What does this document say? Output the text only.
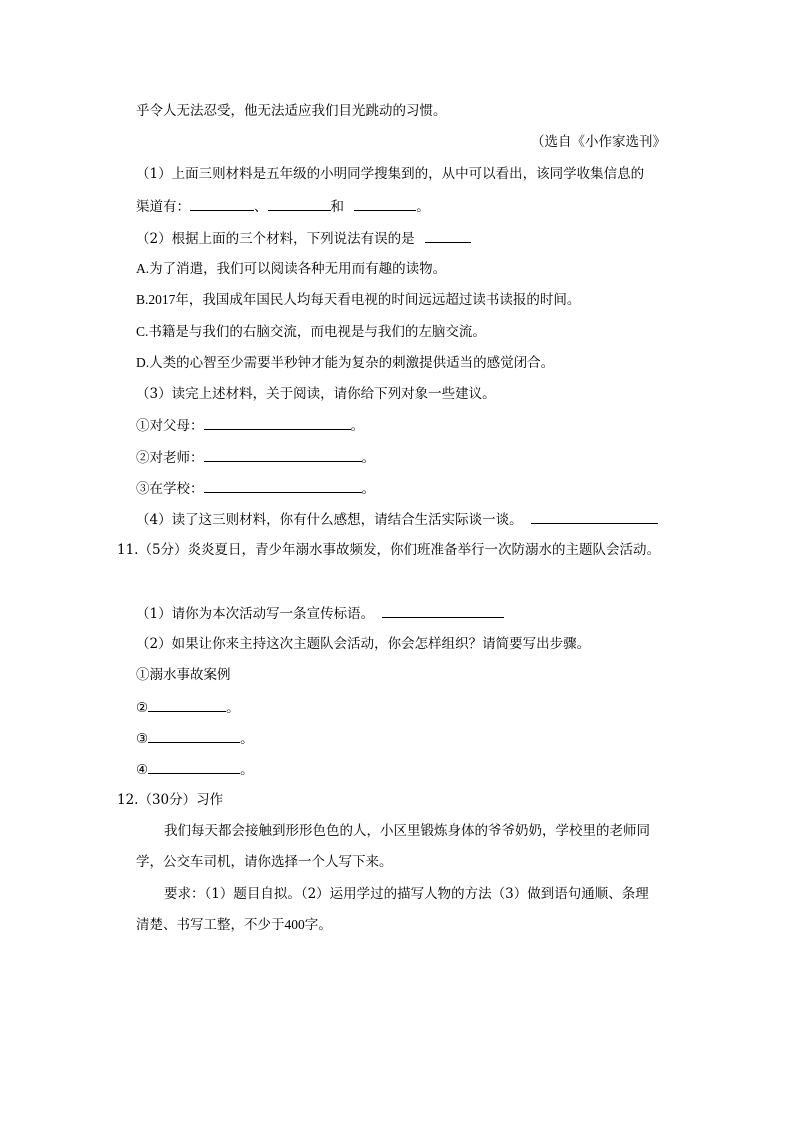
乎令人无法忍受，他无法适应我们目光跳动的习惯。
（选自《小作家选刊》
（1）上面三则材料是五年级的小明同学搜集到的，从中可以看出，该同学收集信息的
渠道有：	、	和	。
（2）根据上面的三个材料，下列说法有误的是
A.为了消遣，我们可以阅读各种无用而有趣的读物。
B.2017年，我国成年国民人均每天看电视的时间远远超过读书读报的时间。
C.书籍是与我们的右脑交流，而电视是与我们的左脑交流。
D.人类的心智至少需要半秒钟才能为复杂的刺激提供适当的感觉闭合。
（3）读完上述材料，关于阅读，请你给下列对象一些建议。
①对父母：	。
②对老师：	。
③在学校：	。
（4）读了这三则材料，你有什么感想，请结合生活实际谈一谈。
11.（5分）炎炎夏日，青少年溺水事故频发，你们班准备举行一次防溺水的主题队会活动。
（1）请你为本次活动写一条宣传标语。
（2）如果让你来主持这次主题队会活动，你会怎样组织？请简要写出步骤。
①溺水事故案例
②	。
③	。
④	。
12.（30分）习作
我们每天都会接触到形形色色的人，小区里锻炼身体的爷爷奶奶，学校里的老师同
学，公交车司机，请你选择一个人写下来。
要求：（1）题目自拟。（2）运用学过的描写人物的方法（3）做到语句通顺、条理
清楚、书写工整，不少于400字。
